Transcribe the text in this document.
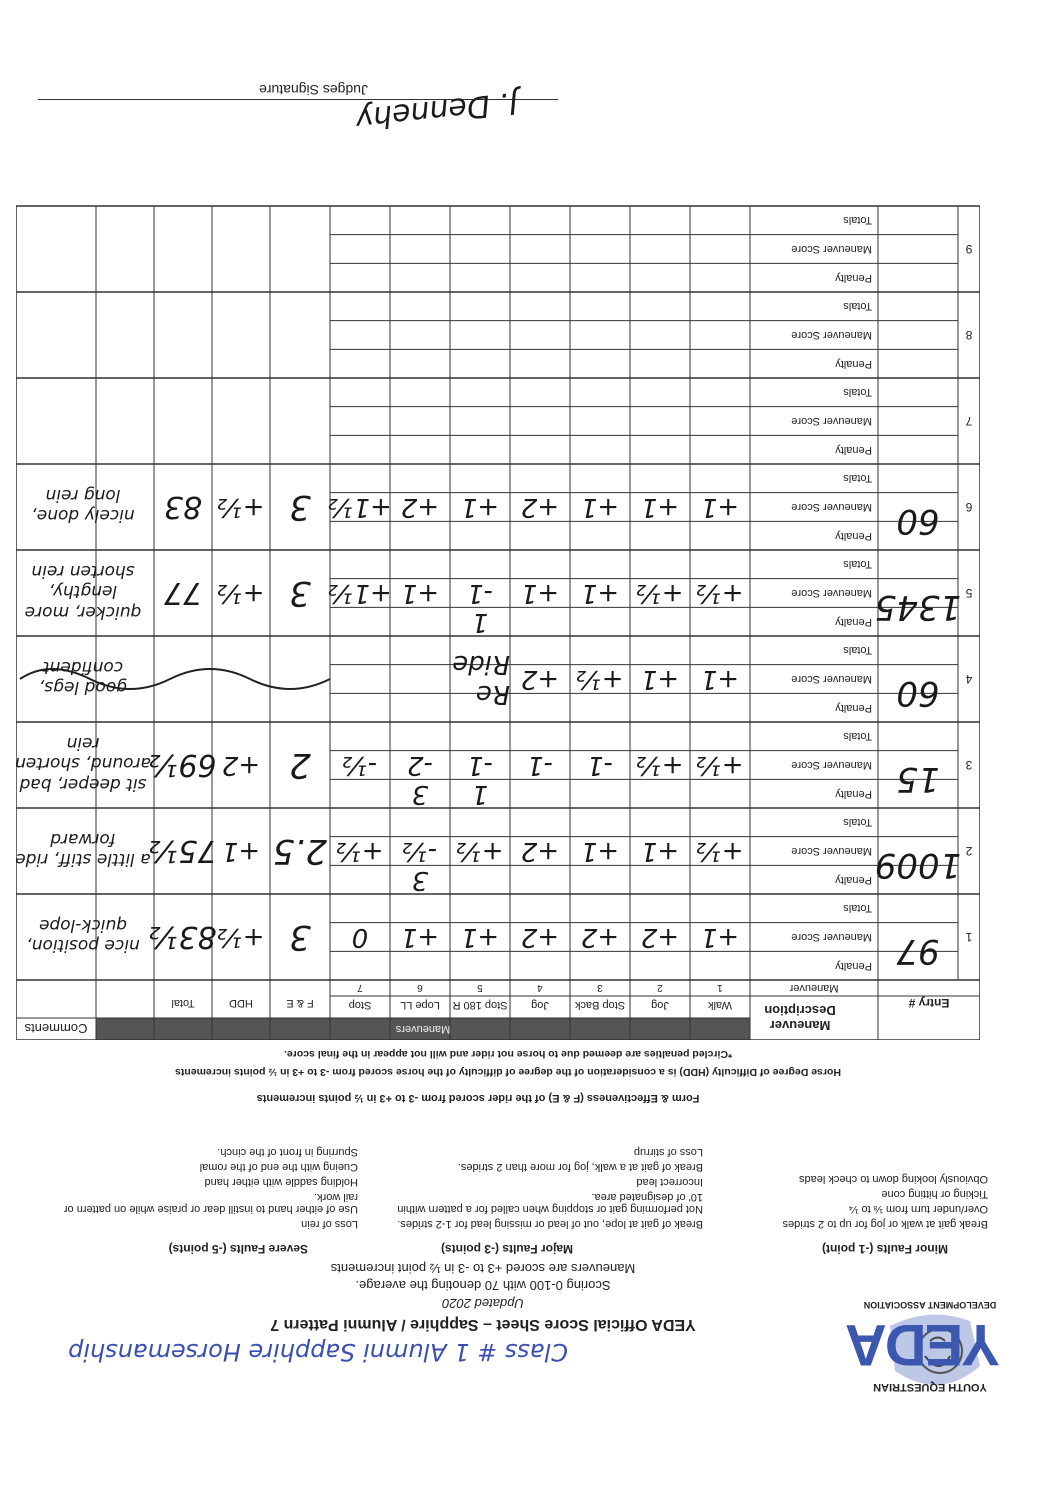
YOUTH EQUESTRIAN
YEDA
DEVELOPMENT ASSOCIATION
Class # 1 Alumni Sapphire Horsemanship
YEDA Official Score Sheet – Sapphire / Alumni Pattern 7
Updated 2020
Scoring 0-100 with 70 denoting the average.
Maneuvers are scored +3 to -3 in ½ point increments
Minor Faults (-1 point)
Break gait at walk or jog for up to 2 strides
Over/under turn from ⅛ to ¼
Ticking or hitting cone
Obviously looking down to check leads
Major Faults (-3 points)
Break of gait at lope, out of lead or missing lead for 1-2 strides.
Not performing gait or stopping when called for a pattern within 10' of designated area.
Incorrect lead
Break of gait at a walk, jog for more than 2 strides.
Loss of stirrup
Severe Faults (-5 points)
Loss of rein
Use of either hand to instill dear or praise while on pattern or rail work.
Holding saddle with either hand
Cueing with the end of the romal
Spurring in front of the cinch.
Form & Effectiveness (F & E) of the rider scored from -3 to +3 in ½ points increments
Horse Degree of Difficulty (HDD) is a consideration of the degree of difficulty of the horse scored from -3 to +3 in ½ points increments
*Circled penalties are deemed due to horse not rider and will not appear in the final score.
Maneuvers
Comments
Entry #
Maneuver Description
Maneuver
Walk
1
Jog
2
Stop Back
3
Jog
4
Stop 180 R
5
Lope LL
6
Stop
7
F & E
HDD
Total
1
97
Penalty
Maneuver Score
Totals
+1
+2
+2
+2
+1
+1
0
3
+½
83½
nice position, quick-lope
2
1009
Penalty
Maneuver Score
Totals
+½
+1
+1
+2
+½
3
-½
+½
2.5
+1
75½
a little stiff, ride forward
3
15
Penalty
Maneuver Score
Totals
+½
+½
-1
-1
1
-1
3
-2
-½
2
+2
69½
sit deeper, bad around, shorten rein
4
60
Penalty
Maneuver Score
Totals
+1
+1
+½
+2
Re Ride
good legs, confident
5
1345
Penalty
Maneuver Score
Totals
+½
+½
+1
+1
1
-1
+1
+1½
3
+½
77
quicker, more lengthy, shorten rein
6
60
Penalty
Maneuver Score
Totals
+1
+1
+1
+2
+1
+2
+1½
3
+½
83
nicely done, long rein
7
Penalty
Maneuver Score
Totals
8
Penalty
Maneuver Score
Totals
9
Penalty
Maneuver Score
Totals
J. Dennehy
Judges Signature
